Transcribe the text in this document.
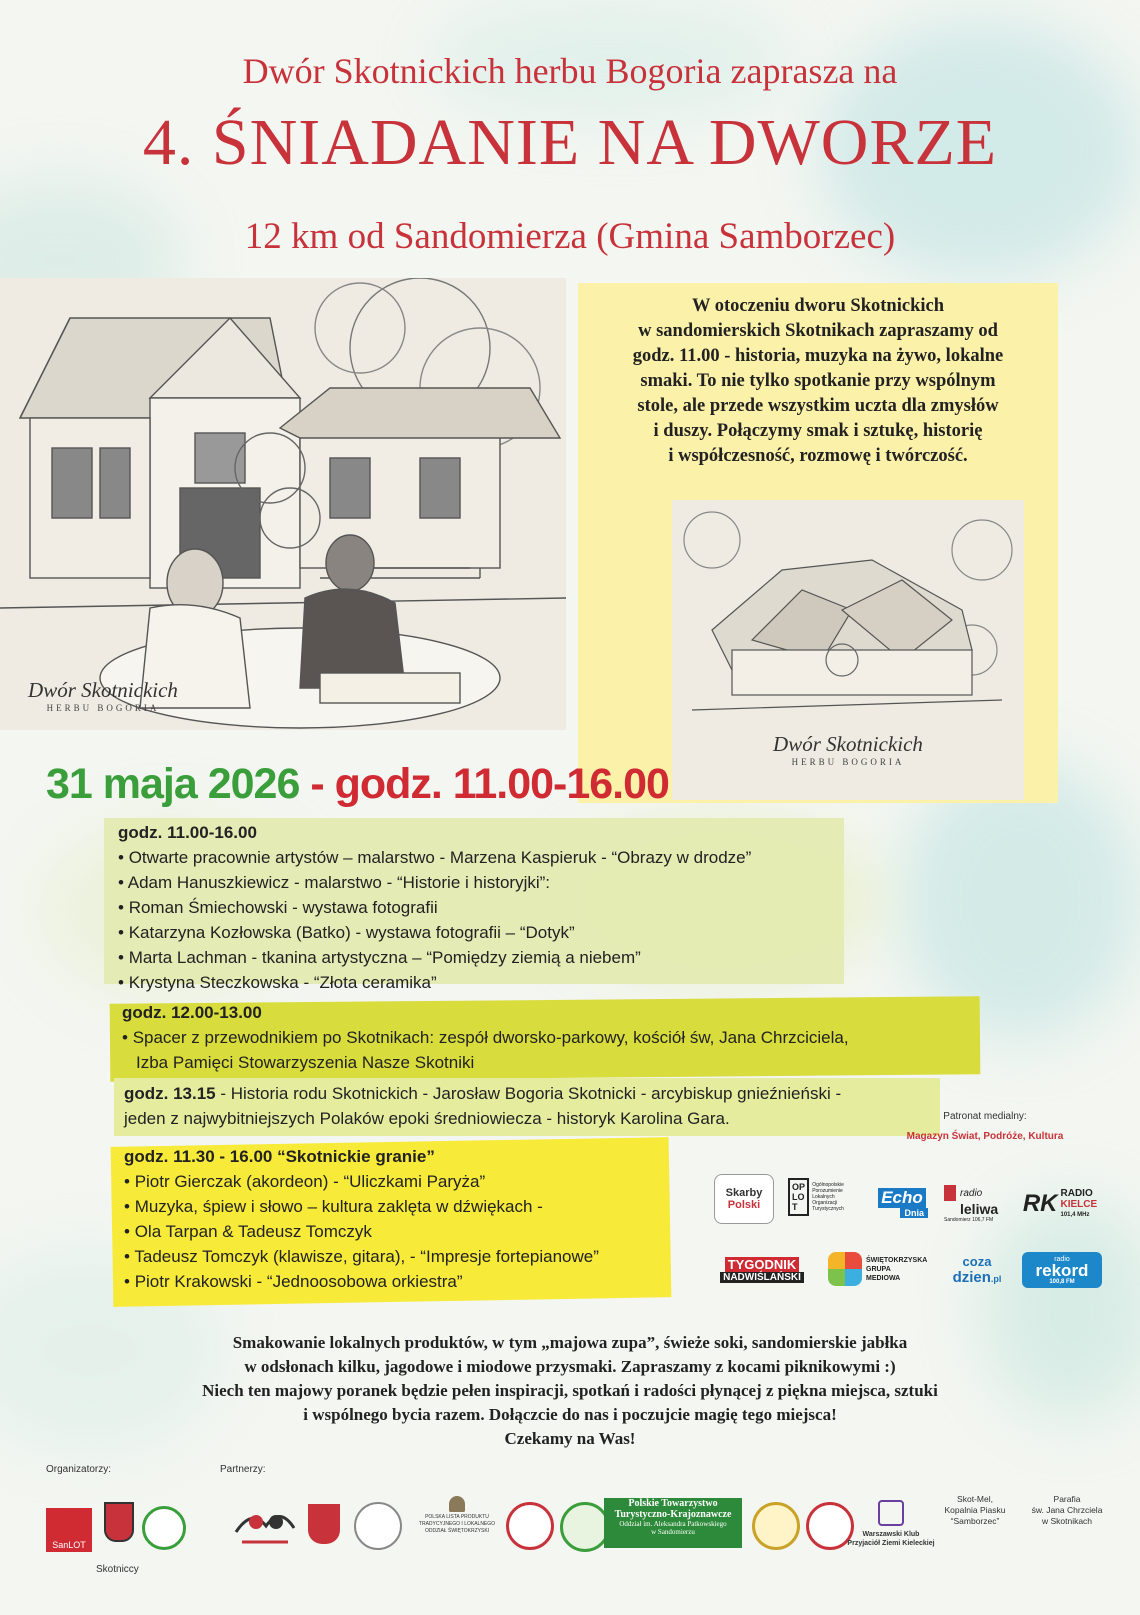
Dwór Skotnickich herbu Bogoria zaprasza na
4. ŚNIADANIE NA DWORZE
12 km od Sandomierza (Gmina Samborzec)
W otoczeniu dworu Skotnickich
w sandomierskich Skotnikach zapraszamy od
godz. 11.00 - historia, muzyka na żywo, lokalne
smaki. To nie tylko spotkanie przy wspólnym
stole, ale przede wszystkim uczta dla zmysłów
i duszy. Połączymy smak i sztukę, historię
i współczesność, rozmowę i twórczość.
Dwór Skotnickich
HERBU BOGORIA
Dwór Skotnickich
HERBU BOGORIA
31 maja 2026 - godz. 11.00-16.00
godz. 11.00-16.00
• Otwarte pracownie artystów – malarstwo - Marzena Kaspieruk - “Obrazy w drodze”
• Adam Hanuszkiewicz - malarstwo - “Historie i historyjki”:
• Roman Śmiechowski - wystawa fotografii
• Katarzyna Kozłowska (Batko) - wystawa fotografii – “Dotyk”
• Marta Lachman - tkanina artystyczna – “Pomiędzy ziemią a niebem”
• Krystyna Steczkowska - “Złota ceramika”
godz. 12.00-13.00
• Spacer z przewodnikiem po Skotnikach: zespół dworsko-parkowy, kościół św, Jana Chrzciciela,
Izba Pamięci Stowarzyszenia Nasze Skotniki
godz. 13.15 - Historia rodu Skotnickich - Jarosław Bogoria Skotnicki - arcybiskup gnieźnieński -
jeden z najwybitniejszych Polaków epoki średniowiecza - historyk Karolina Gara.
godz. 11.30 - 16.00 “Skotnickie granie”
• Piotr Gierczak (akordeon) - “Uliczkami Paryża”
• Muzyka, śpiew i słowo – kultura zaklęta w dźwiękach -
• Ola Tarpan & Tadeusz Tomczyk
• Tadeusz Tomczyk (klawisze, gitara), - “Impresje fortepianowe”
• Piotr Krakowski - “Jednoosobowa orkiestra”
Patronat medialny:
Magazyn Świat, Podróże, Kultura
Skarby
Polski
OPLOT
Ogólnopolskie Porozumienie Lokalnych Organizacji Turystycznych
Echo
Dnia
radio
leliwa
Sandomierz 106,7 FM
RK RADIO
KIELCE
101,4 MHz
TYGODNIK
NADWIŚLAŃSKI
ŚWIĘTOKRZYSKA
GRUPA
MEDIOWA
coza
dzien.pl
radio
rekord
100,8 FM
Smakowanie lokalnych produktów, w tym „majowa zupa”, świeże soki, sandomierskie jabłka
w odsłonach kilku, jagodowe i miodowe przysmaki. Zapraszamy z kocami piknikowymi :)
Niech ten majowy poranek będzie pełen inspiracji, spotkań i radości płynącej z piękna miejsca, sztuki
i wspólnego bycia razem. Dołączcie do nas i poczujcie magię tego miejsca!
Czekamy na Was!
Organizatorzy:	Partnerzy:
SanLOT
Skotniccy
POLSKA LISTA PRODUKTU
TRADYCYJNEGO I LOKALNEGO
ODDZIAŁ ŚWIĘTOKRZYSKI
Polskie Towarzystwo
Turystyczno-Krajoznawcze
Oddział im. Aleksandra Patkowskiego
w Sandomierzu	Warszawski Klub
Przyjaciół Ziemi Kieleckiej
Skot-Mel,
Kopalnia Piasku
“Samborzec”
Parafia
św. Jana Chrzciela
w Skotnikach
